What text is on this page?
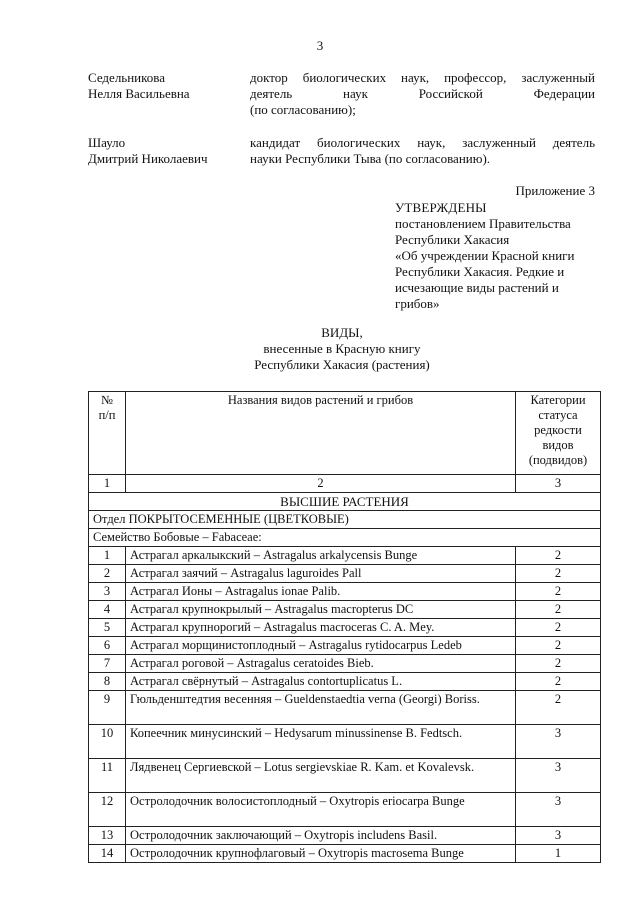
3
Седельникова
Нелля Васильевна
доктор биологических наук, профессор, заслуженный
деятель наук Российской Федерации
(по согласованию);
Шауло
Дмитрий Николаевич
кандидат биологических наук, заслуженный деятель
науки Республики Тыва (по согласованию).
Приложение 3
УТВЕРЖДЕНЫ
постановлением Правительства
Республики Хакасия
«Об учреждении Красной книги
Республики Хакасия. Редкие и
исчезающие виды растений и
грибов»
ВИДЫ,
внесенные в Красную книгу
Республики Хакасия (растения)
№
п/п	Названия видов растений и грибов	Категории
статуса
редкости
видов
(подвидов)

1	2	3
ВЫСШИЕ РАСТЕНИЯ		
Отдел ПОКРЫТОСЕМЕННЫЕ (ЦВЕТКОВЫЕ)		
Семейство Бобовые – Fabaceae:		
1	Астрагал аркалыкский – Astragalus arkalycensis Bunge	2
2	Астрагал заячий – Astragalus laguroides Pall	2
3	Астрагал Ионы – Astragalus ionae Palib.	2
4	Астрагал крупнокрылый – Astragalus macropterus DC	2
5	Астрагал крупнорогий – Astragalus macroceras C. A. Mey.	2
6	Астрагал морщинистоплодный – Astragalus rytidocarpus Ledeb	2
7	Астрагал роговой – Astragalus ceratoides Bieb.	2
8	Астрагал свёрнутый – Astragalus contortuplicatus L.	2
9	Гюльденштедтия весенняя – Gueldenstaedtia verna (Georgi) Boriss.	2
10	Копеечник минусинский – Hedysarum minussinense B. Fedtsch.	3
11	Лядвенец Сергиевской – Lotus sergievskiae R. Kam. et Kovalevsk.	3
12	Остролодочник волосистоплодный – Oxytropis eriocarpa Bunge	3
13	Остролодочник заключающий – Oxytropis includens Basil.	3
14	Остролодочник крупнофлаговый – Oxytropis macrosema Bunge	1
